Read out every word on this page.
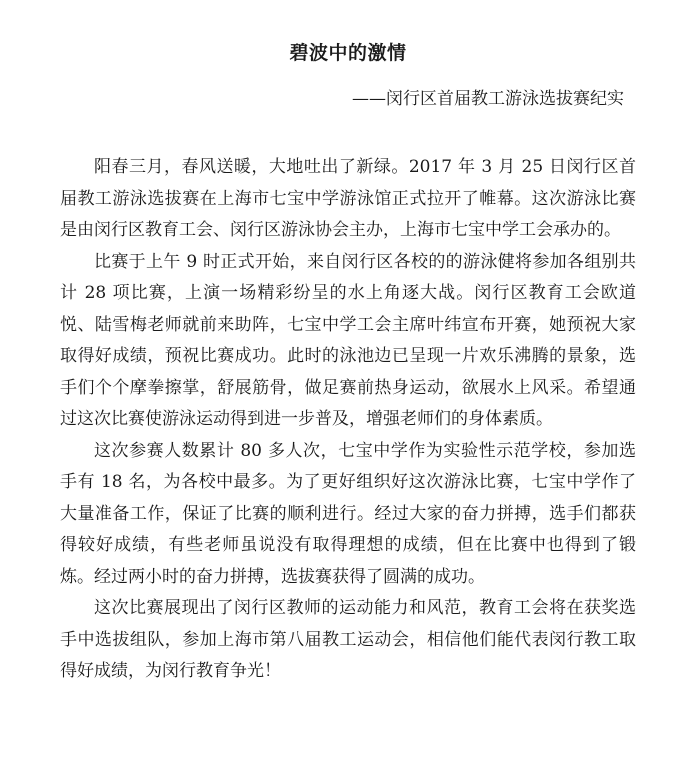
碧波中的激情
——闵行区首届教工游泳选拔赛纪实

阳春三月，春风送暖，大地吐出了新绿。2017 年 3 月 25 日闵行区首届教工游泳选拔赛在上海市七宝中学游泳馆正式拉开了帷幕。这次游泳比赛是由闵行区教育工会、闵行区游泳协会主办，上海市七宝中学工会承办的。

比赛于上午 9 时正式开始，来自闵行区各校的的游泳健将参加各组别共计 28 项比赛，上演一场精彩纷呈的水上角逐大战。闵行区教育工会欧道悦、陆雪梅老师就前来助阵，七宝中学工会主席叶纬宣布开赛，她预祝大家取得好成绩，预祝比赛成功。此时的泳池边已呈现一片欢乐沸腾的景象，选手们个个摩拳擦掌，舒展筋骨，做足赛前热身运动，欲展水上风采。希望通过这次比赛使游泳运动得到进一步普及，增强老师们的身体素质。

这次参赛人数累计 80 多人次，七宝中学作为实验性示范学校，参加选手有 18 名，为各校中最多。为了更好组织好这次游泳比赛，七宝中学作了大量准备工作，保证了比赛的顺利进行。经过大家的奋力拼搏，选手们都获得较好成绩，有些老师虽说没有取得理想的成绩，但在比赛中也得到了锻炼。经过两小时的奋力拼搏，选拔赛获得了圆满的成功。

这次比赛展现出了闵行区教师的运动能力和风范，教育工会将在获奖选手中选拔组队，参加上海市第八届教工运动会，相信他们能代表闵行教工取得好成绩，为闵行教育争光！
